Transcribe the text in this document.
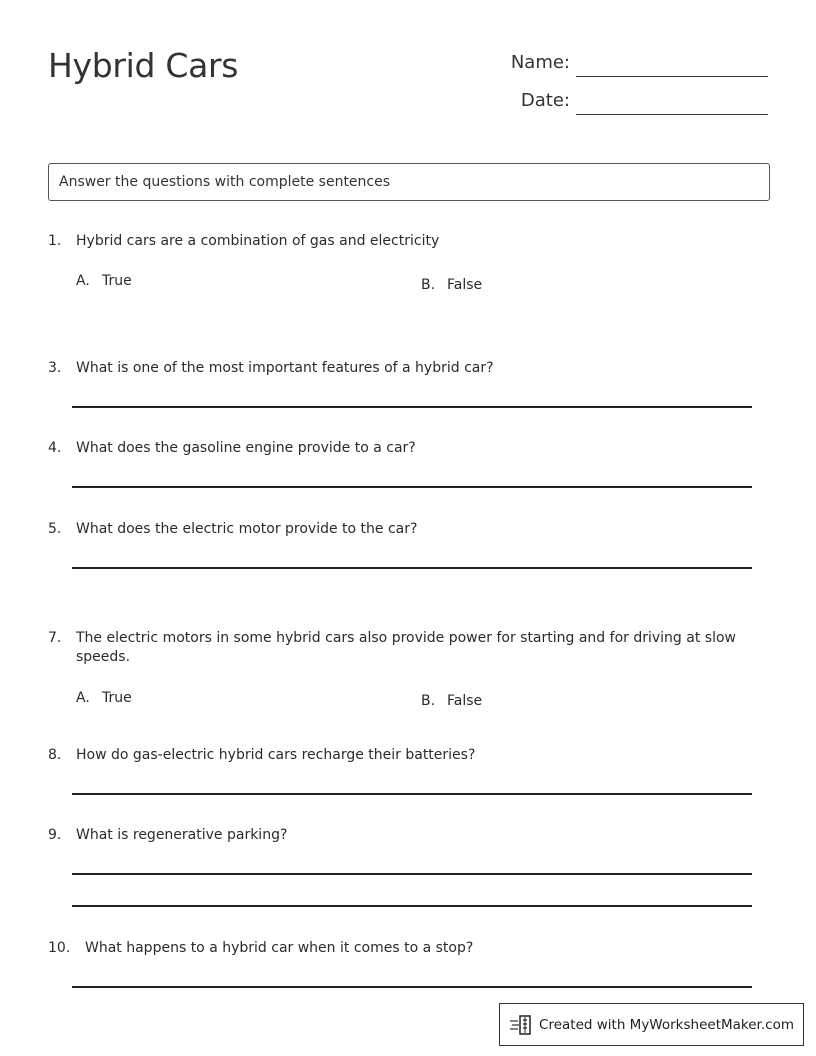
Hybrid Cars	Name:
Date:
Answer the questions with complete sentences
1. Hybrid cars are a combination of gas and electricity
A. True	B. False
3. What is one of the most important features of a hybrid car?
4. What does the gasoline engine provide to a car?
5. What does the electric motor provide to the car?
7. The electric motors in some hybrid cars also provide power for starting and for driving at slow speeds.
A. True	B. False
8. How do gas-electric hybrid cars recharge their batteries?
9. What is regenerative parking?
10. What happens to a hybrid car when it comes to a stop?
Created with MyWorksheetMaker.com
